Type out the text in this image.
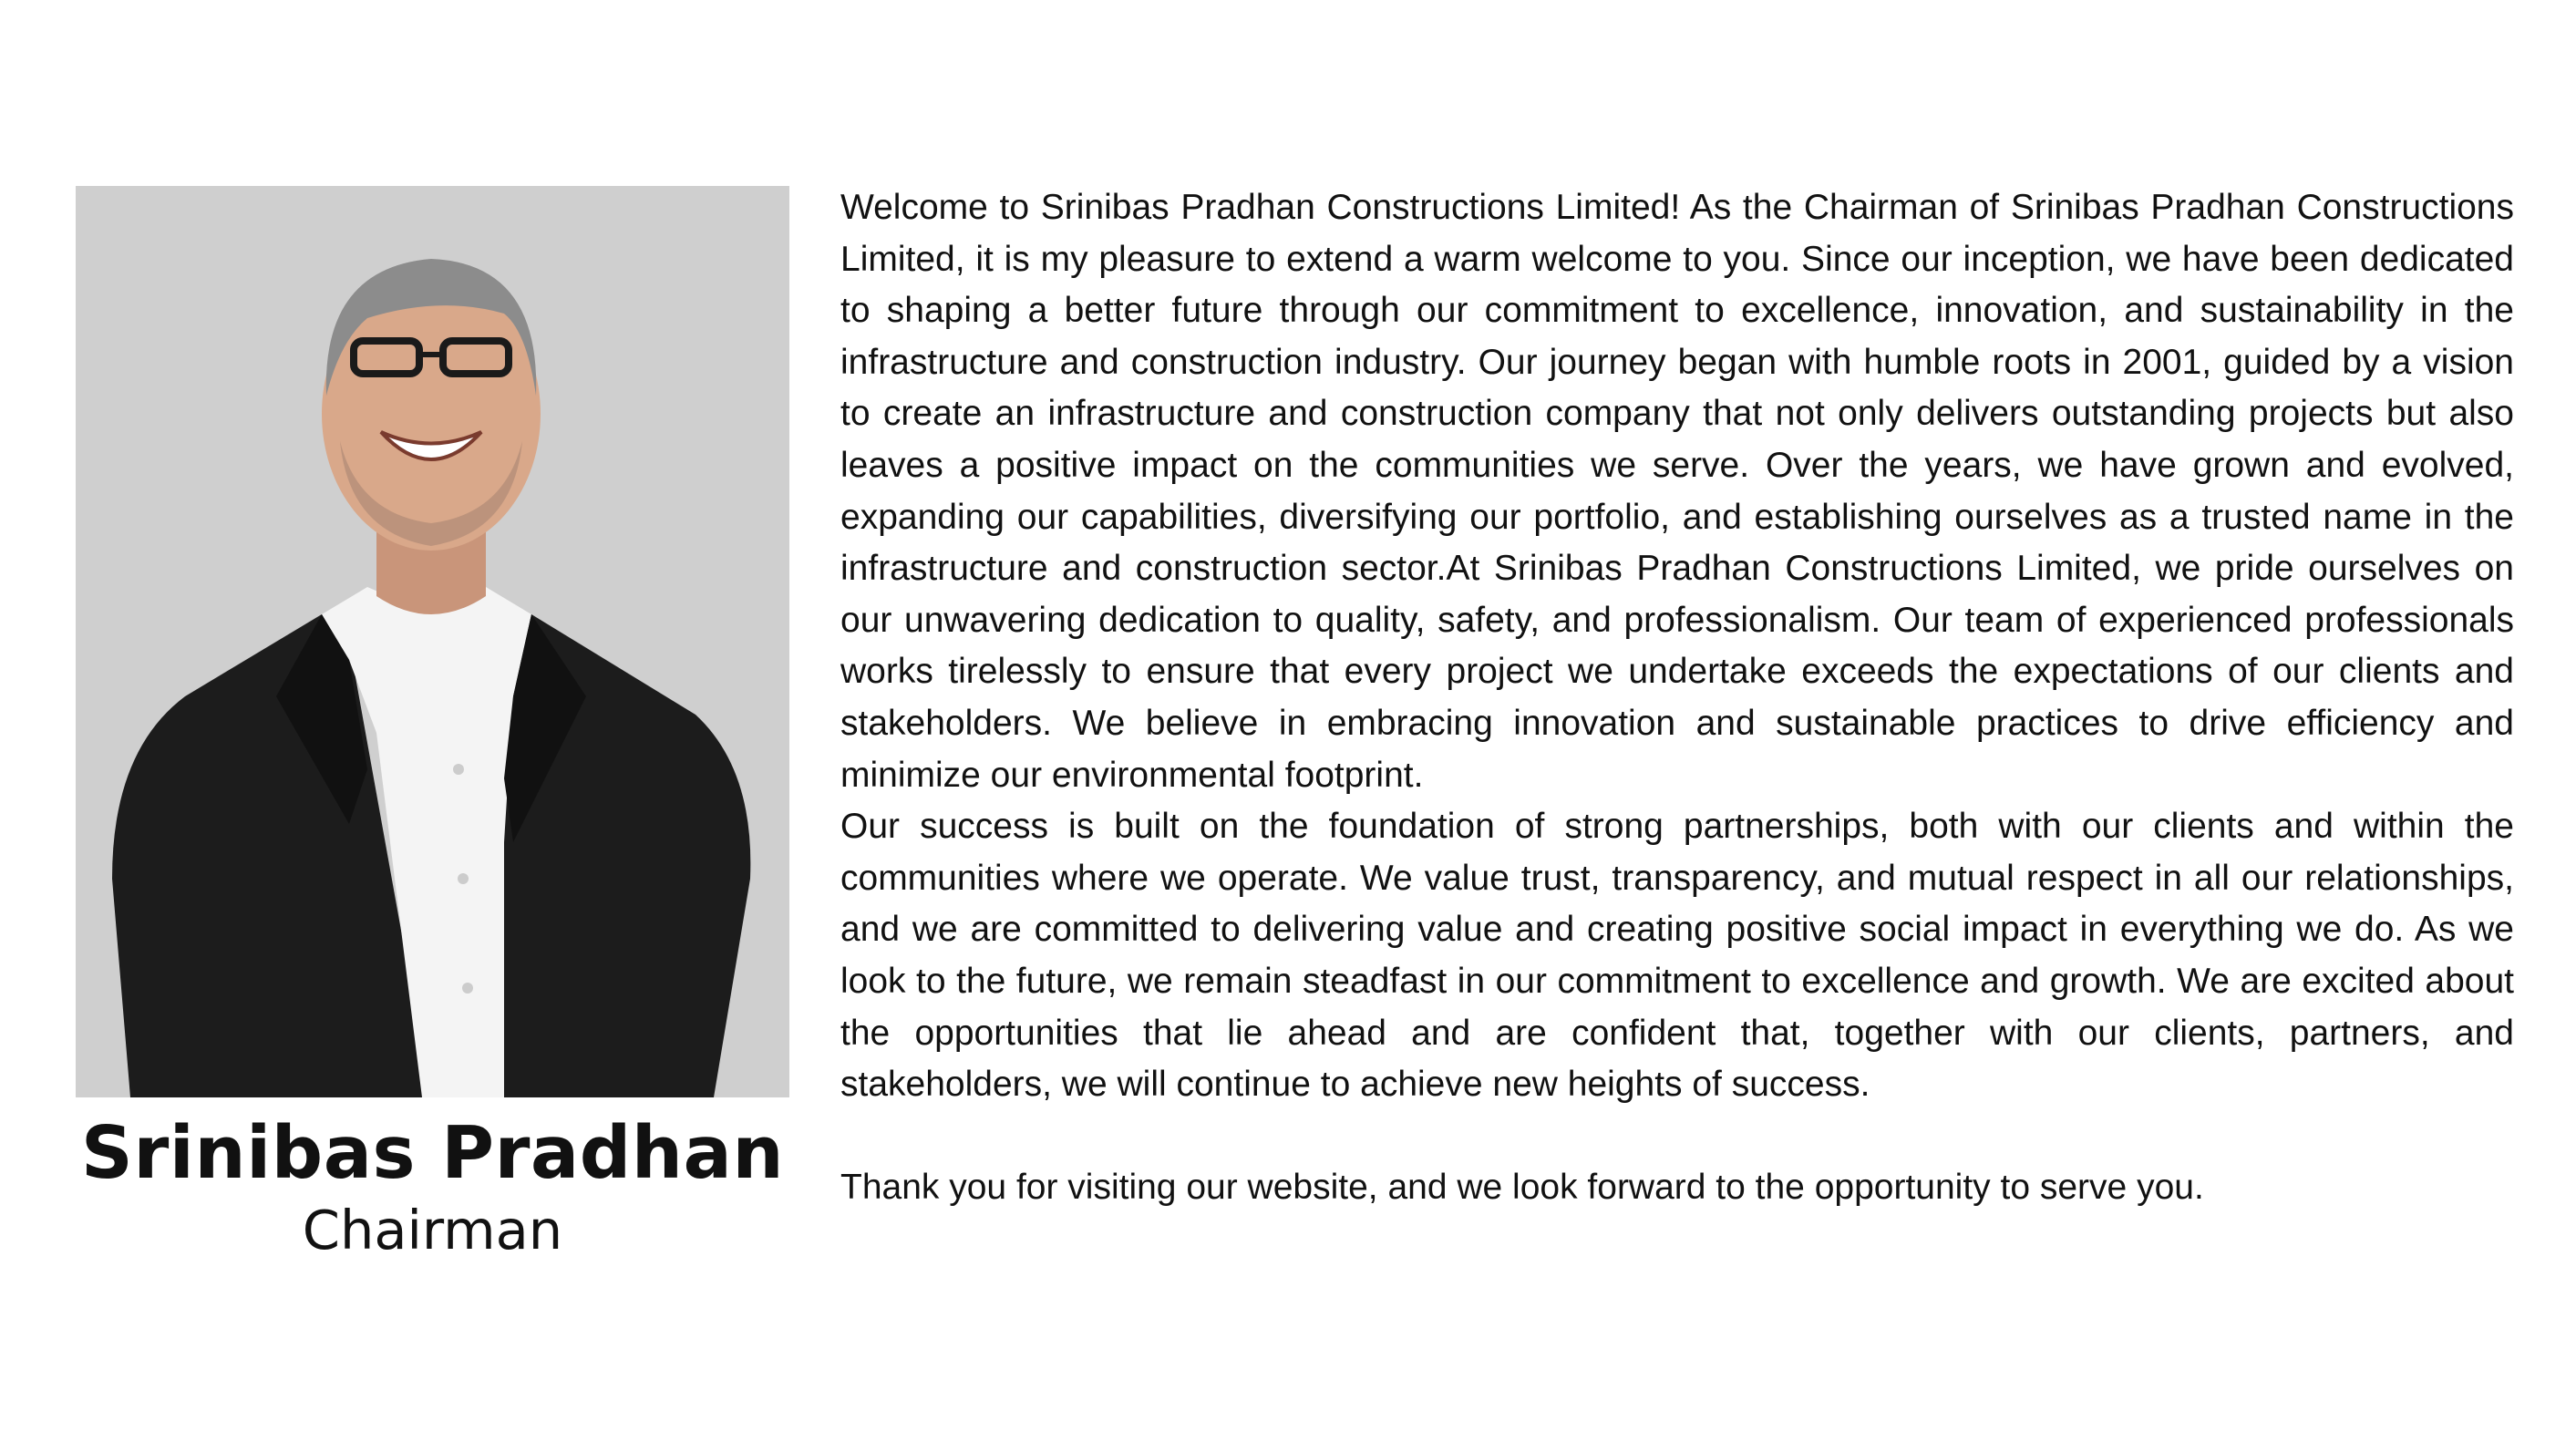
Srinibas Pradhan
Chairman

Welcome to Srinibas Pradhan Constructions Limited! As the Chairman of Srinibas Pradhan Constructions Limited, it is my pleasure to extend a warm welcome to you. Since our inception, we have been dedicated to shaping a better future through our commitment to excellence, innovation, and sustainability in the infrastructure and construction industry. Our journey began with humble roots in 2001, guided by a vision to create an infrastructure and construction company that not only delivers outstanding projects but also leaves a positive impact on the communities we serve. Over the years, we have grown and evolved, expanding our capabilities, diversifying our portfolio, and establishing ourselves as a trusted name in the infrastructure and construction sector.At Srinibas Pradhan Constructions Limited, we pride ourselves on our unwavering dedication to quality, safety, and professionalism. Our team of experienced professionals works tirelessly to ensure that every project we undertake exceeds the expectations of our clients and stakeholders. We believe in embracing innovation and sustainable practices to drive efficiency and minimize our environmental footprint.

Our success is built on the foundation of strong partnerships, both with our clients and within the communities where we operate. We value trust, transparency, and mutual respect in all our relationships, and we are committed to delivering value and creating positive social impact in everything we do. As we look to the future, we remain steadfast in our commitment to excellence and growth. We are excited about the opportunities that lie ahead and are confident that, together with our clients, partners, and stakeholders, we will continue to achieve new heights of success.

Thank you for visiting our website, and we look forward to the opportunity to serve you.
